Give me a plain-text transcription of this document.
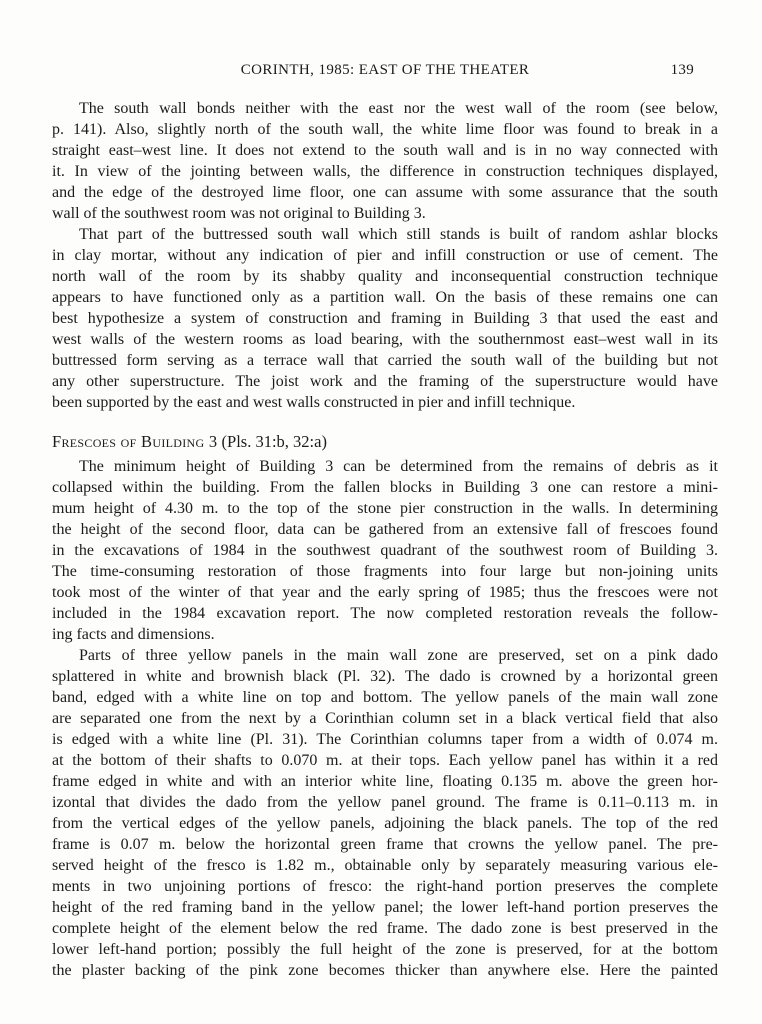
CORINTH, 1985: EAST OF THE THEATER	139
The south wall bonds neither with the east nor the west wall of the room (see below,
p. 141). Also, slightly north of the south wall, the white lime floor was found to break in a
straight east–west line. It does not extend to the south wall and is in no way connected with
it. In view of the jointing between walls, the difference in construction techniques displayed,
and the edge of the destroyed lime floor, one can assume with some assurance that the south
wall of the southwest room was not original to Building 3.
That part of the buttressed south wall which still stands is built of random ashlar blocks
in clay mortar, without any indication of pier and infill construction or use of cement. The
north wall of the room by its shabby quality and inconsequential construction technique
appears to have functioned only as a partition wall. On the basis of these remains one can
best hypothesize a system of construction and framing in Building 3 that used the east and
west walls of the western rooms as load bearing, with the southernmost east–west wall in its
buttressed form serving as a terrace wall that carried the south wall of the building but not
any other superstructure. The joist work and the framing of the superstructure would have
been supported by the east and west walls constructed in pier and infill technique.
Frescoes of Building 3 (Pls. 31:b, 32:a)
The minimum height of Building 3 can be determined from the remains of debris as it
collapsed within the building. From the fallen blocks in Building 3 one can restore a mini-
mum height of 4.30 m. to the top of the stone pier construction in the walls. In determining
the height of the second floor, data can be gathered from an extensive fall of frescoes found
in the excavations of 1984 in the southwest quadrant of the southwest room of Building 3.
The time-consuming restoration of those fragments into four large but non-joining units
took most of the winter of that year and the early spring of 1985; thus the frescoes were not
included in the 1984 excavation report. The now completed restoration reveals the follow-
ing facts and dimensions.
Parts of three yellow panels in the main wall zone are preserved, set on a pink dado
splattered in white and brownish black (Pl. 32). The dado is crowned by a horizontal green
band, edged with a white line on top and bottom. The yellow panels of the main wall zone
are separated one from the next by a Corinthian column set in a black vertical field that also
is edged with a white line (Pl. 31). The Corinthian columns taper from a width of 0.074 m.
at the bottom of their shafts to 0.070 m. at their tops. Each yellow panel has within it a red
frame edged in white and with an interior white line, floating 0.135 m. above the green hor-
izontal that divides the dado from the yellow panel ground. The frame is 0.11–0.113 m. in
from the vertical edges of the yellow panels, adjoining the black panels. The top of the red
frame is 0.07 m. below the horizontal green frame that crowns the yellow panel. The pre-
served height of the fresco is 1.82 m., obtainable only by separately measuring various ele-
ments in two unjoining portions of fresco: the right-hand portion preserves the complete
height of the red framing band in the yellow panel; the lower left-hand portion preserves the
complete height of the element below the red frame. The dado zone is best preserved in the
lower left-hand portion; possibly the full height of the zone is preserved, for at the bottom
the plaster backing of the pink zone becomes thicker than anywhere else. Here the painted
